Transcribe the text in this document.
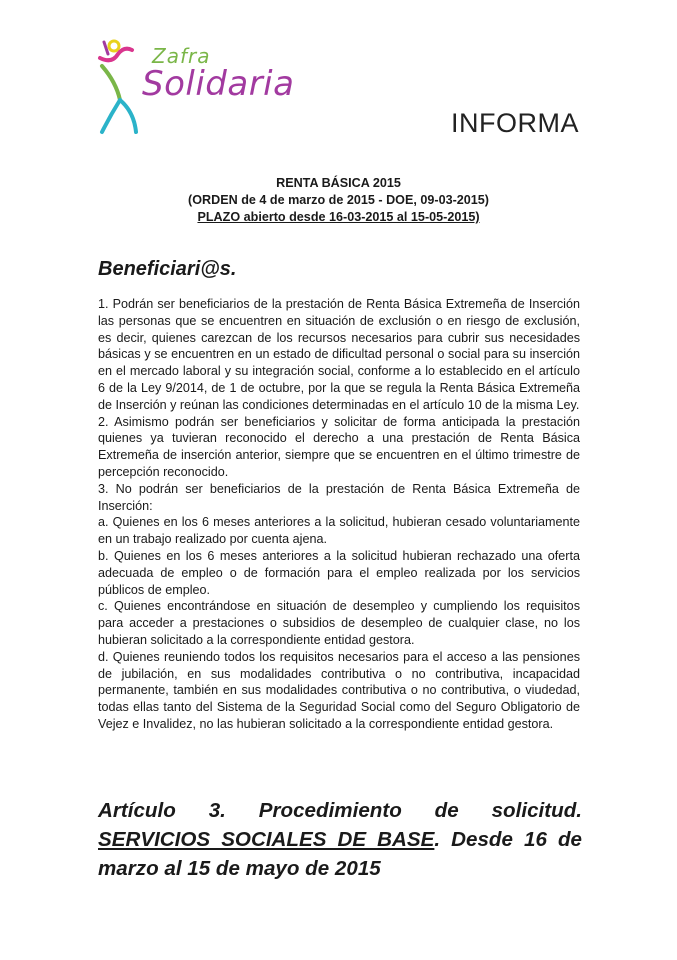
Zafra
Solidaria
INFORMA
RENTA BÁSICA 2015
(ORDEN de 4 de marzo de 2015 - DOE, 09-03-2015)
PLAZO abierto desde 16-03-2015 al 15-05-2015)
Beneficiari@s.

1. Podrán ser beneficiarios de la prestación de Renta Básica Extremeña de Inserción las personas que se encuentren en situación de exclusión o en riesgo de exclusión, es decir, quienes carezcan de los recursos necesarios para cubrir sus necesidades básicas y se encuentren en un estado de dificultad personal o social para su inserción en el mercado laboral y su integración social, conforme a lo establecido en el artículo 6 de la Ley 9/2014, de 1 de octubre, por la que se regula la Renta Básica Extremeña de Inserción y reúnan las condiciones determinadas en el artículo 10 de la misma Ley.

2. Asimismo podrán ser beneficiarios y solicitar de forma anticipada la prestación quienes ya tuvieran reconocido el derecho a una prestación de Renta Básica Extremeña de inserción anterior, siempre que se encuentren en el último trimestre de percepción reconocido.

3. No podrán ser beneficiarios de la prestación de Renta Básica Extremeña de Inserción:

a. Quienes en los 6 meses anteriores a la solicitud, hubieran cesado voluntariamente en un trabajo realizado por cuenta ajena.

b. Quienes en los 6 meses anteriores a la solicitud hubieran rechazado una oferta adecuada de empleo o de formación para el empleo realizada por los servicios públicos de empleo.

c. Quienes encontrándose en situación de desempleo y cumpliendo los requisitos para acceder a prestaciones o subsidios de desempleo de cualquier clase, no los hubieran solicitado a la correspondiente entidad gestora.

d. Quienes reuniendo todos los requisitos necesarios para el acceso a las pensiones de jubilación, en sus modalidades contributiva o no contributiva, incapacidad permanente, también en sus modalidades contributiva o no contributiva, o viudedad, todas ellas tanto del Sistema de la Seguridad Social como del Seguro Obligatorio de Vejez e Invalidez, no las hubieran solicitado a la correspondiente entidad gestora.

Artículo 3. Procedimiento de solicitud. SERVICIOS SOCIALES DE BASE. Desde 16 de marzo al 15 de mayo de 2015
